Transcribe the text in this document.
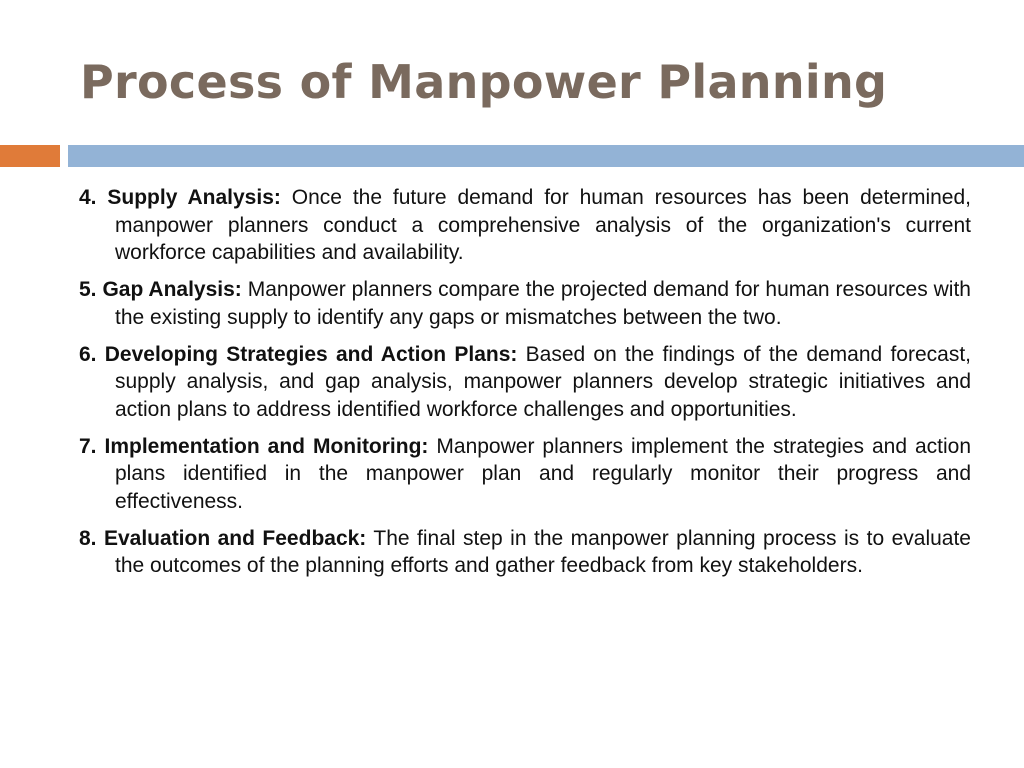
Process of Manpower Planning

4. Supply Analysis: Once the future demand for human resources has been determined, manpower planners conduct a comprehensive analysis of the organization's current workforce capabilities and availability.

5. Gap Analysis: Manpower planners compare the projected demand for human resources with the existing supply to identify any gaps or mismatches between the two.

6. Developing Strategies and Action Plans: Based on the findings of the demand forecast, supply analysis, and gap analysis, manpower planners develop strategic initiatives and action plans to address identified workforce challenges and opportunities.

7. Implementation and Monitoring: Manpower planners implement the strategies and action plans identified in the manpower plan and regularly monitor their progress and effectiveness.

8. Evaluation and Feedback: The final step in the manpower planning process is to evaluate the outcomes of the planning efforts and gather feedback from key stakeholders.
